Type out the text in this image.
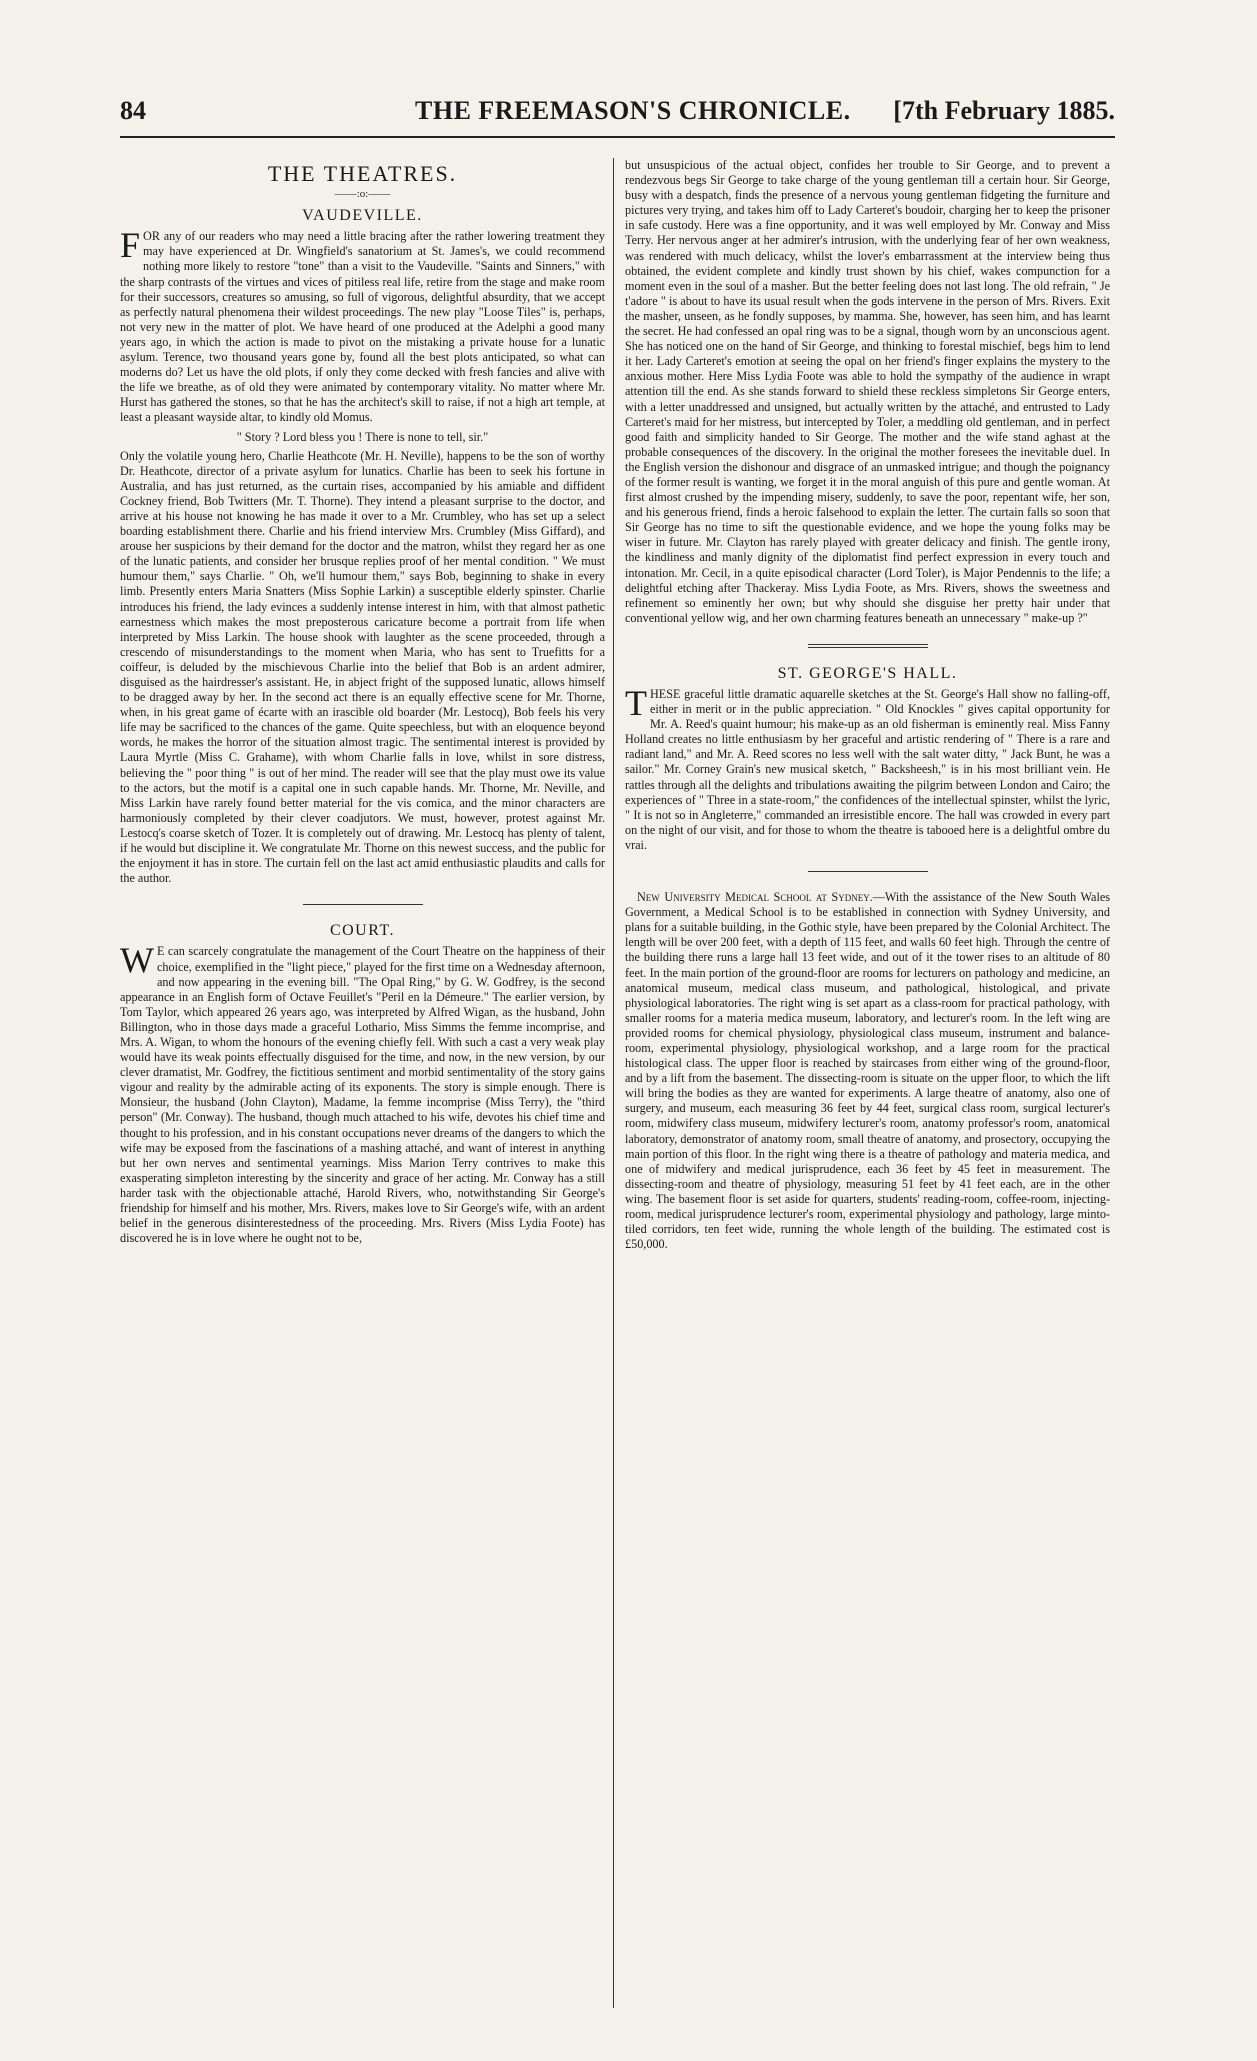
84	THE FREEMASON'S CHRONICLE. [7th February 1885.
THE THEATRES.
——:o:——
VAUDEVILLE.

FOR any of our readers who may need a little bracing after the rather lowering treatment they may have experienced at Dr. Wingfield's sanatorium at St. James's, we could recommend nothing more likely to restore "tone" than a visit to the Vaudeville. "Saints and Sinners," with the sharp contrasts of the virtues and vices of pitiless real life, retire from the stage and make room for their successors, creatures so amusing, so full of vigorous, delightful absurdity, that we accept as perfectly natural phenomena their wildest proceedings. The new play "Loose Tiles" is, perhaps, not very new in the matter of plot. We have heard of one produced at the Adelphi a good many years ago, in which the action is made to pivot on the mistaking a private house for a lunatic asylum. Terence, two thousand years gone by, found all the best plots anticipated, so what can moderns do? Let us have the old plots, if only they come decked with fresh fancies and alive with the life we breathe, as of old they were animated by contemporary vitality. No matter where Mr. Hurst has gathered the stones, so that he has the architect's skill to raise, if not a high art temple, at least a pleasant wayside altar, to kindly old Momus.

" Story ? Lord bless you ! There is none to tell, sir."

Only the volatile young hero, Charlie Heathcote (Mr. H. Neville), happens to be the son of worthy Dr. Heathcote, director of a private asylum for lunatics. Charlie has been to seek his fortune in Australia, and has just returned, as the curtain rises, accompanied by his amiable and diffident Cockney friend, Bob Twitters (Mr. T. Thorne). They intend a pleasant surprise to the doctor, and arrive at his house not knowing he has made it over to a Mr. Crumbley, who has set up a select boarding establishment there. Charlie and his friend interview Mrs. Crumbley (Miss Giffard), and arouse her suspicions by their demand for the doctor and the matron, whilst they regard her as one of the lunatic patients, and consider her brusque replies proof of her mental condition. " We must humour them," says Charlie. " Oh, we'll humour them," says Bob, beginning to shake in every limb. Presently enters Maria Snatters (Miss Sophie Larkin) a susceptible elderly spinster. Charlie introduces his friend, the lady evinces a suddenly intense interest in him, with that almost pathetic earnestness which makes the most preposterous caricature become a portrait from life when interpreted by Miss Larkin. The house shook with laughter as the scene proceeded, through a crescendo of misunderstandings to the moment when Maria, who has sent to Truefitts for a coiffeur, is deluded by the mischievous Charlie into the belief that Bob is an ardent admirer, disguised as the hairdresser's assistant. He, in abject fright of the supposed lunatic, allows himself to be dragged away by her. In the second act there is an equally effective scene for Mr. Thorne, when, in his great game of écarte with an irascible old boarder (Mr. Lestocq), Bob feels his very life may be sacrificed to the chances of the game. Quite speechless, but with an eloquence beyond words, he makes the horror of the situation almost tragic. The sentimental interest is provided by Laura Myrtle (Miss C. Grahame), with whom Charlie falls in love, whilst in sore distress, believing the " poor thing " is out of her mind. The reader will see that the play must owe its value to the actors, but the motif is a capital one in such capable hands. Mr. Thorne, Mr. Neville, and Miss Larkin have rarely found better material for the vis comica, and the minor characters are harmoniously completed by their clever coadjutors. We must, however, protest against Mr. Lestocq's coarse sketch of Tozer. It is completely out of drawing. Mr. Lestocq has plenty of talent, if he would but discipline it. We congratulate Mr. Thorne on this newest success, and the public for the enjoyment it has in store. The curtain fell on the last act amid enthusiastic plaudits and calls for the author.

COURT.

W E can scarcely congratulate the management of the Court Theatre on the happiness of their choice, exemplified in the "light piece," played for the first time on a Wednesday afternoon, and now appearing in the evening bill. "The Opal Ring," by G. W. Godfrey, is the second appearance in an English form of Octave Feuillet's "Peril en la Démeure." The earlier version, by Tom Taylor, which appeared 26 years ago, was interpreted by Alfred Wigan, as the husband, John Billington, who in those days made a graceful Lothario, Miss Simms the femme incomprise, and Mrs. A. Wigan, to whom the honours of the evening chiefly fell. With such a cast a very weak play would have its weak points effectually disguised for the time, and now, in the new version, by our clever dramatist, Mr. Godfrey, the fictitious sentiment and morbid sentimentality of the story gains vigour and reality by the admirable acting of its exponents. The story is simple enough. There is Monsieur, the husband (John Clayton), Madame, la femme incomprise (Miss Terry), the "third person" (Mr. Conway). The husband, though much attached to his wife, devotes his chief time and thought to his profession, and in his constant occupations never dreams of the dangers to which the wife may be exposed from the fascinations of a mashing attaché, and want of interest in anything but her own nerves and sentimental yearnings. Miss Marion Terry contrives to make this exasperating simpleton interesting by the sincerity and grace of her acting. Mr. Conway has a still harder task with the objectionable attaché, Harold Rivers, who, notwithstanding Sir George's friendship for himself and his mother, Mrs. Rivers, makes love to Sir George's wife, with an ardent belief in the generous disinterestedness of the proceeding. Mrs. Rivers (Miss Lydia Foote) has discovered he is in love where he ought not to be,

but unsuspicious of the actual object, confides her trouble to Sir George, and to prevent a rendezvous begs Sir George to take charge of the young gentleman till a certain hour. Sir George, busy with a despatch, finds the presence of a nervous young gentleman fidgeting the furniture and pictures very trying, and takes him off to Lady Carteret's boudoir, charging her to keep the prisoner in safe custody. Here was a fine opportunity, and it was well employed by Mr. Conway and Miss Terry. Her nervous anger at her admirer's intrusion, with the underlying fear of her own weakness, was rendered with much delicacy, whilst the lover's embarrassment at the interview being thus obtained, the evident complete and kindly trust shown by his chief, wakes compunction for a moment even in the soul of a masher. But the better feeling does not last long. The old refrain, " Je t'adore " is about to have its usual result when the gods intervene in the person of Mrs. Rivers. Exit the masher, unseen, as he fondly supposes, by mamma. She, however, has seen him, and has learnt the secret. He had confessed an opal ring was to be a signal, though worn by an unconscious agent. She has noticed one on the hand of Sir George, and thinking to forestal mischief, begs him to lend it her. Lady Carteret's emotion at seeing the opal on her friend's finger explains the mystery to the anxious mother. Here Miss Lydia Foote was able to hold the sympathy of the audience in wrapt attention till the end. As she stands forward to shield these reckless simpletons Sir George enters, with a letter unaddressed and unsigned, but actually written by the attaché, and entrusted to Lady Carteret's maid for her mistress, but intercepted by Toler, a meddling old gentleman, and in perfect good faith and simplicity handed to Sir George. The mother and the wife stand aghast at the probable consequences of the discovery. In the original the mother foresees the inevitable duel. In the English version the dishonour and disgrace of an unmasked intrigue; and though the poignancy of the former result is wanting, we forget it in the moral anguish of this pure and gentle woman. At first almost crushed by the impending misery, suddenly, to save the poor, repentant wife, her son, and his generous friend, finds a heroic falsehood to explain the letter. The curtain falls so soon that Sir George has no time to sift the questionable evidence, and we hope the young folks may be wiser in future. Mr. Clayton has rarely played with greater delicacy and finish. The gentle irony, the kindliness and manly dignity of the diplomatist find perfect expression in every touch and intonation. Mr. Cecil, in a quite episodical character (Lord Toler), is Major Pendennis to the life; a delightful etching after Thackeray. Miss Lydia Foote, as Mrs. Rivers, shows the sweetness and refinement so eminently her own; but why should she disguise her pretty hair under that conventional yellow wig, and her own charming features beneath an unnecessary " make-up ?"

ST. GEORGE'S HALL.

THESE graceful little dramatic aquarelle sketches at the St. George's Hall show no falling-off, either in merit or in the public appreciation. " Old Knockles " gives capital opportunity for Mr. A. Reed's quaint humour; his make-up as an old fisherman is eminently real. Miss Fanny Holland creates no little enthusiasm by her graceful and artistic rendering of " There is a rare and radiant land," and Mr. A. Reed scores no less well with the salt water ditty, " Jack Bunt, he was a sailor." Mr. Corney Grain's new musical sketch, " Backsheesh," is in his most brilliant vein. He rattles through all the delights and tribulations awaiting the pilgrim between London and Cairo; the experiences of " Three in a state-room," the confidences of the intellectual spinster, whilst the lyric, " It is not so in Angleterre," commanded an irresistible encore. The hall was crowded in every part on the night of our visit, and for those to whom the theatre is tabooed here is a delightful ombre du vrai.

New University Medical School at Sydney.—With the assistance of the New South Wales Government, a Medical School is to be established in connection with Sydney University, and plans for a suitable building, in the Gothic style, have been prepared by the Colonial Architect. The length will be over 200 feet, with a depth of 115 feet, and walls 60 feet high. Through the centre of the building there runs a large hall 13 feet wide, and out of it the tower rises to an altitude of 80 feet. In the main portion of the ground-floor are rooms for lecturers on pathology and medicine, an anatomical museum, medical class museum, and pathological, histological, and private physiological laboratories. The right wing is set apart as a class-room for practical pathology, with smaller rooms for a materia medica museum, laboratory, and lecturer's room. In the left wing are provided rooms for chemical physiology, physiological class museum, instrument and balance-room, experimental physiology, physiological workshop, and a large room for the practical histological class. The upper floor is reached by staircases from either wing of the ground-floor, and by a lift from the basement. The dissecting-room is situate on the upper floor, to which the lift will bring the bodies as they are wanted for experiments. A large theatre of anatomy, also one of surgery, and museum, each measuring 36 feet by 44 feet, surgical class room, surgical lecturer's room, midwifery class museum, midwifery lecturer's room, anatomy professor's room, anatomical laboratory, demonstrator of anatomy room, small theatre of anatomy, and prosectory, occupying the main portion of this floor. In the right wing there is a theatre of pathology and materia medica, and one of midwifery and medical jurisprudence, each 36 feet by 45 feet in measurement. The dissecting-room and theatre of physiology, measuring 51 feet by 41 feet each, are in the other wing. The basement floor is set aside for quarters, students' reading-room, coffee-room, injecting-room, medical jurisprudence lecturer's room, experimental physiology and pathology, large minto-tiled corridors, ten feet wide, running the whole length of the building. The estimated cost is £50,000.
